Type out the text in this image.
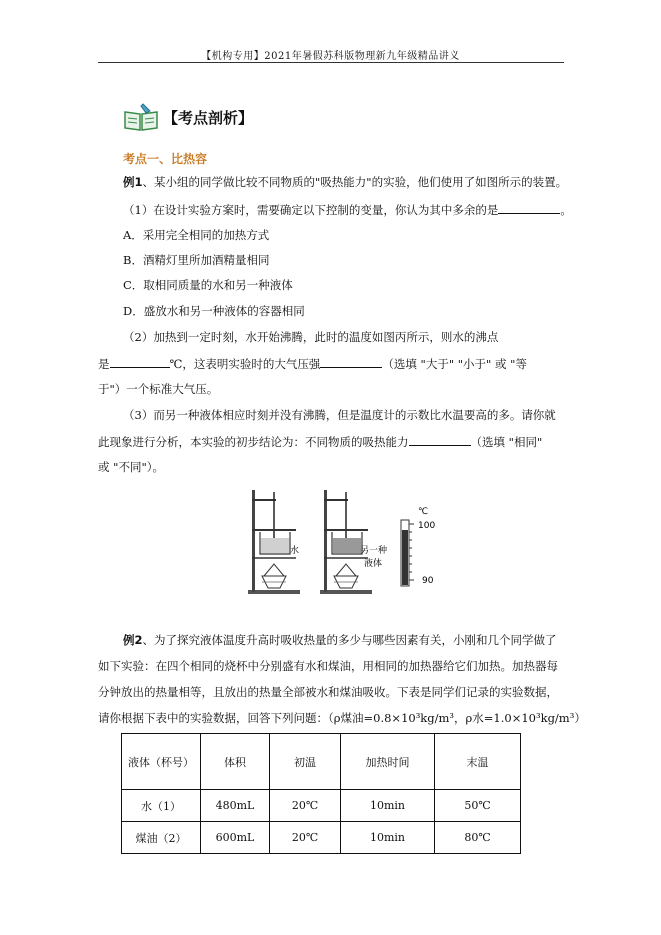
【机构专用】2021年暑假苏科版物理新九年级精品讲义
【考点剖析】
考点一、比热容
例1、某小组的同学做比较不同物质的"吸热能力"的实验，他们使用了如图所示的装置。
（1）在设计实验方案时，需要确定以下控制的变量，你认为其中多余的是	。
A．采用完全相同的加热方式
B．酒精灯里所加酒精量相同
C．取相同质量的水和另一种液体
D．盛放水和另一种液体的容器相同
（2）加热到一定时刻，水开始沸腾，此时的温度如图丙所示，则水的沸点
是	℃，这表明实验时的大气压强	（选填 "大于" "小于" 或 "等
于"）一个标准大气压。
（3）而另一种液体相应时刻并没有沸腾，但是温度计的示数比水温要高的多。请你就
此现象进行分析，本实验的初步结论为：不同物质的吸热能力	（选填 "相同"
或 "不同"）。
水	另一种
液体
℃
100
90
例2、为了探究液体温度升高时吸收热量的多少与哪些因素有关，小刚和几个同学做了
如下实验：在四个相同的烧杯中分别盛有水和煤油，用相同的加热器给它们加热。加热器每
分钟放出的热量相等，且放出的热量全部被水和煤油吸收。下表是同学们记录的实验数据，
请你根据下表中的实验数据，回答下列问题：（ρ煤油=0.8×10³kg/m³，ρ水=1.0×10³kg/m³）
液体（杯号）	体积	初温	加热时间	末温
水（1）	480mL	20℃	10min	50℃
煤油（2）	600mL	20℃	10min	80℃
